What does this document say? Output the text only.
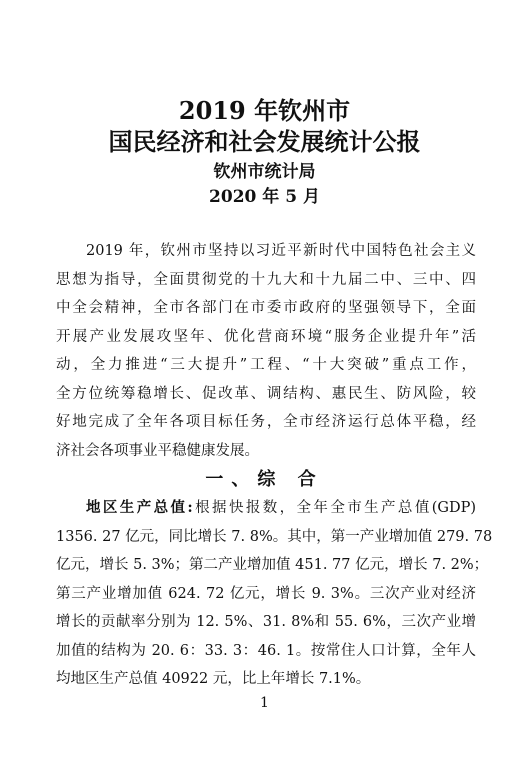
2019 年钦州市
国民经济和社会发展统计公报
钦州市统计局
2020 年 5 月
2019 年，钦州市坚持以习近平新时代中国特色社会主义
思想为指导，全面贯彻党的十九大和十九届二中、三中、四
中全会精神，全市各部门在市委市政府的坚强领导下，全面
开展产业发展攻坚年、优化营商环境“服务企业提升年”活
动，全力推进“三大提升”工程、“十大突破”重点工作，
全方位统筹稳增长、促改革、调结构、惠民生、防风险，较
好地完成了全年各项目标任务，全市经济运行总体平稳，经
济社会各项事业平稳健康发展。
一、综 合
地区生产总值:根据快报数，全年全市生产总值(GDP)
1356. 27 亿元，同比增长 7. 8%。其中，第一产业增加值 279. 78
亿元，增长 5. 3%；第二产业增加值 451. 77 亿元，增长 7. 2%；
第三产业增加值 624. 72 亿元，增长 9. 3%。三次产业对经济
增长的贡献率分别为 12. 5%、31. 8%和 55. 6%，三次产业增
加值的结构为 20. 6：33. 3：46. 1。按常住人口计算，全年人
均地区生产总值 40922 元，比上年增长 7.1%。
1
